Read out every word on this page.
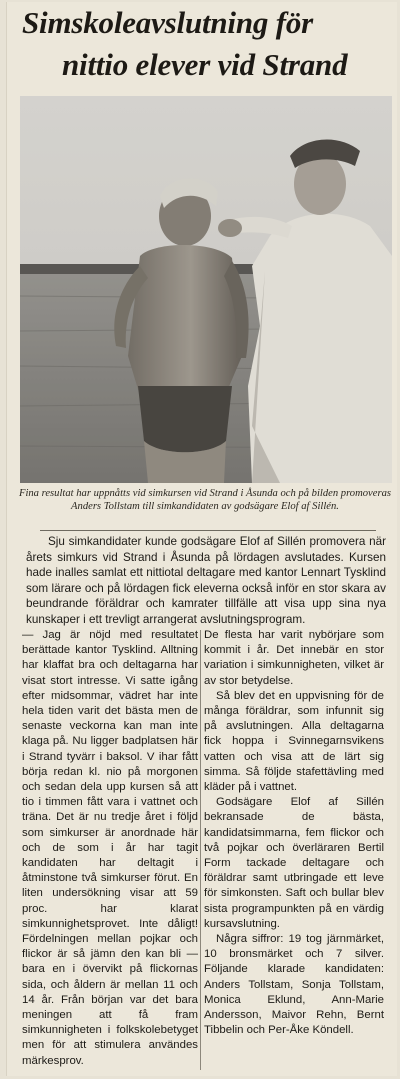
Simskoleavslutning för
nittio elever vid Strand
Fina resultat har uppnåtts vid simkursen vid Strand i Åsunda och på bilden promoveras Anders Tollstam till simkandidaten av godsägare Elof af Sillén.
Sju simkandidater kunde godsägare Elof af Sillén promovera när årets simkurs vid Strand i Åsunda på lördagen avslutades. Kursen hade inalles samlat ett nittiotal deltagare med kantor Lennart Tysklind som lärare och på lördagen fick eleverna också inför en stor skara av beundrande föräldrar och kamrater tillfälle att visa upp sina nya kunskaper i ett trevligt arrangerat avslutningsprogram.

— Jag är nöjd med resultatet berättade kantor Tysklind. Alltning har klaffat bra och deltagarna har visat stort intresse. Vi satte igång efter midsommar, vädret har inte hela tiden varit det bästa men de senaste veckorna kan man inte klaga på. Nu ligger badplatsen här i Strand tyvärr i baksol. V ihar fått börja redan kl. nio på morgonen och sedan dela upp kursen så att tio i timmen fått vara i vattnet och träna. Det är nu tredje året i följd som simkurser är anordnade här och de som i år har tagit kandidaten har deltagit i åtminstone två simkurser förut. En liten undersökning visar att 59 proc. har klarat simkunnighetsprovet. Inte dåligt! Fördelningen mellan pojkar och flickor är så jämn den kan bli — bara en i övervikt på flickornas sida, och åldern är mellan 11 och 14 år. Från början var det bara meningen att få fram simkunnigheten i folkskolebetyget men för att stimulera användes märkesprov.

De flesta har varit nybörjare som kommit i år. Det innebär en stor variation i simkunnigheten, vilket är av stor betydelse.

Så blev det en uppvisning för de många föräldrar, som infunnit sig på avslutningen. Alla deltagarna fick hoppa i Svinnegarnsvikens vatten och visa att de lärt sig simma. Så följde stafettävling med kläder på i vattnet.

Godsägare Elof af Sillén bekransade de bästa, kandidatsimmarna, fem flickor och två pojkar och överläraren Bertil Form tackade deltagare och föräldrar samt utbringade ett leve för simkonsten. Saft och bullar blev sista programpunkten på en värdig kursavslutning.

Några siffror: 19 tog järnmärket, 10 bronsmärket och 7 silver. Följande klarade kandidaten: Anders Tollstam, Sonja Tollstam, Monica Eklund, Ann-Marie Andersson, Maivor Rehn, Bernt Tibbelin och Per-Åke Köndell.
